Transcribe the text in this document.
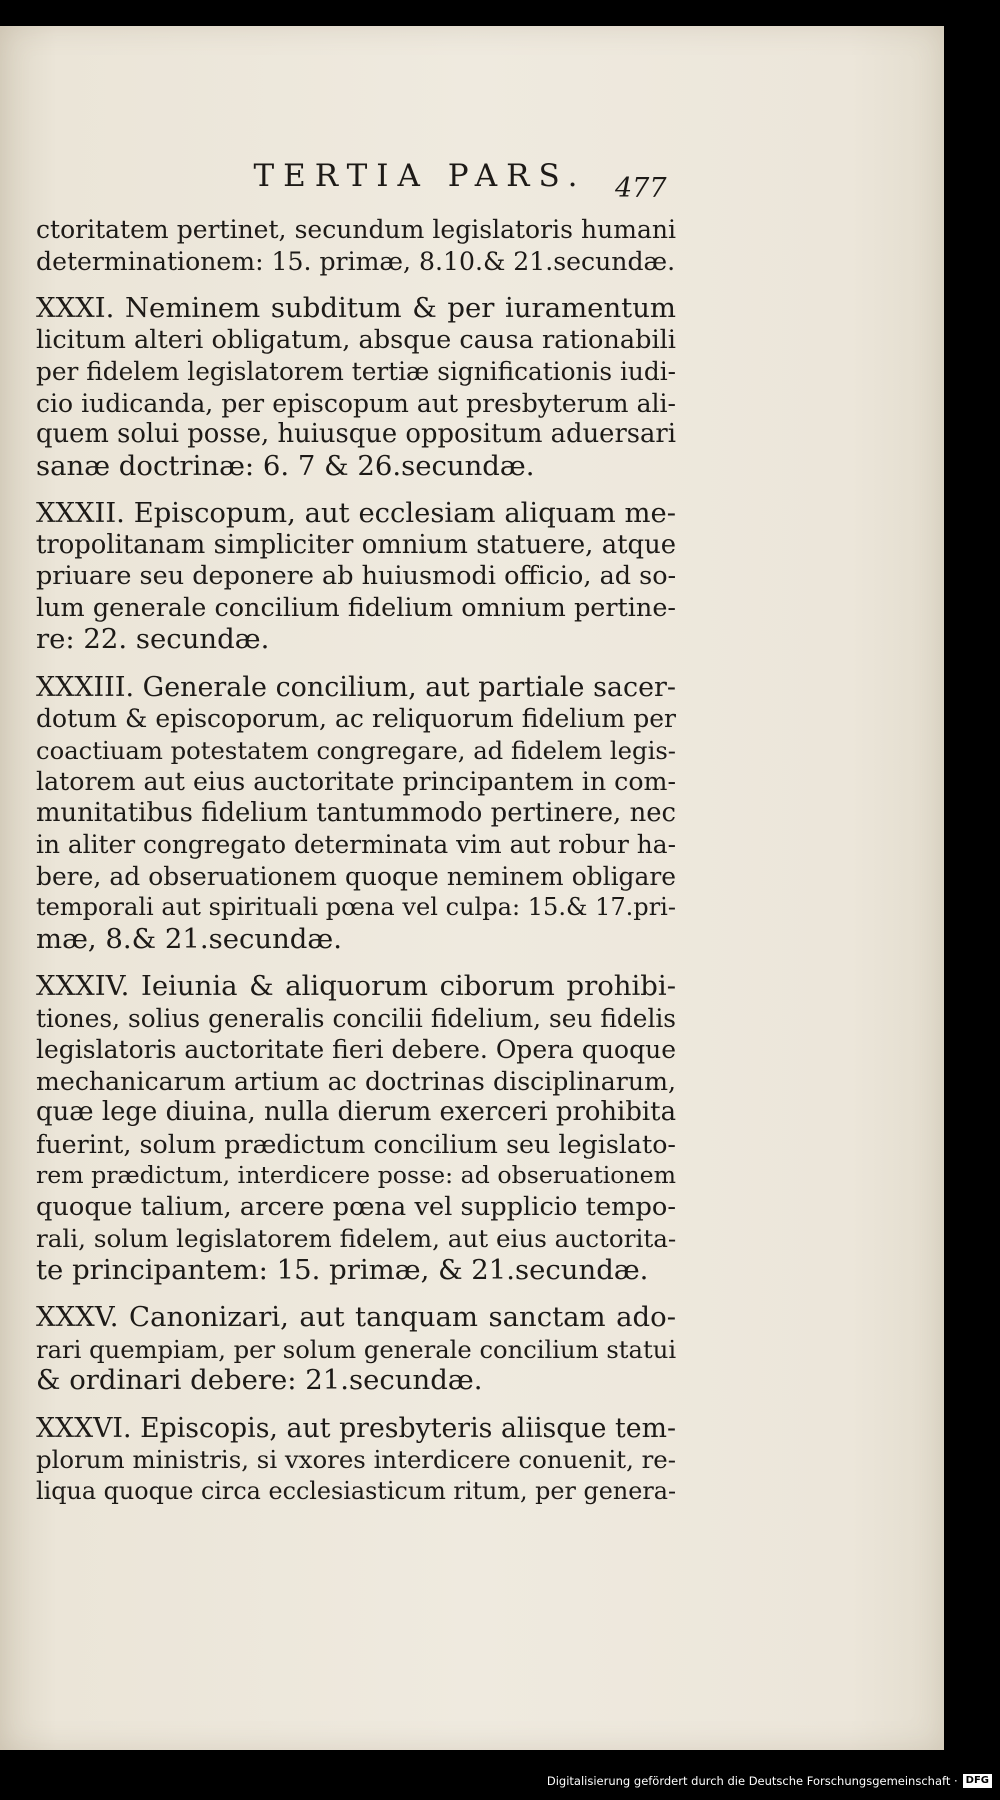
TERTIA PARS.	477
ctoritatem pertinet, secundum legislatoris humani
determinationem: 15. primæ, 8.10.& 21.secundæ.
XXXI. Neminem subditum & per iuramentum
licitum alteri obligatum, absque causa rationabili
per fidelem legislatorem tertiæ significationis iudi-
cio iudicanda, per episcopum aut presbyterum ali-
quem solui posse, huiusque oppositum aduersari
sanæ doctrinæ: 6. 7 & 26.secundæ.
XXXII. Episcopum, aut ecclesiam aliquam me-
tropolitanam simpliciter omnium statuere, atque
priuare seu deponere ab huiusmodi officio, ad so-
lum generale concilium fidelium omnium pertine-
re: 22. secundæ.
XXXIII. Generale concilium, aut partiale sacer-
dotum & episcoporum, ac reliquorum fidelium per
coactiuam potestatem congregare, ad fidelem legis-
latorem aut eius auctoritate principantem in com-
munitatibus fidelium tantummodo pertinere, nec
in aliter congregato determinata vim aut robur ha-
bere, ad obseruationem quoque neminem obligare
temporali aut spirituali pœna vel culpa: 15.& 17.pri-
mæ, 8.& 21.secundæ.
XXXIV. Ieiunia & aliquorum ciborum prohibi-
tiones, solius generalis concilii fidelium, seu fidelis
legislatoris auctoritate fieri debere. Opera quoque
mechanicarum artium ac doctrinas disciplinarum,
quæ lege diuina, nulla dierum exerceri prohibita
fuerint, solum prædictum concilium seu legislato-
rem prædictum, interdicere posse: ad obseruationem
quoque talium, arcere pœna vel supplicio tempo-
rali, solum legislatorem fidelem, aut eius auctorita-
te principantem: 15. primæ, & 21.secundæ.
XXXV. Canonizari, aut tanquam sanctam ado-
rari quempiam, per solum generale concilium statui
& ordinari debere: 21.secundæ.
XXXVI. Episcopis, aut presbyteris aliisque tem-
plorum ministris, si vxores interdicere conuenit, re-
liqua quoque circa ecclesiasticum ritum, per genera-
Digitalisierung gefördert durch die Deutsche Forschungsgemeinschaft · DFG
